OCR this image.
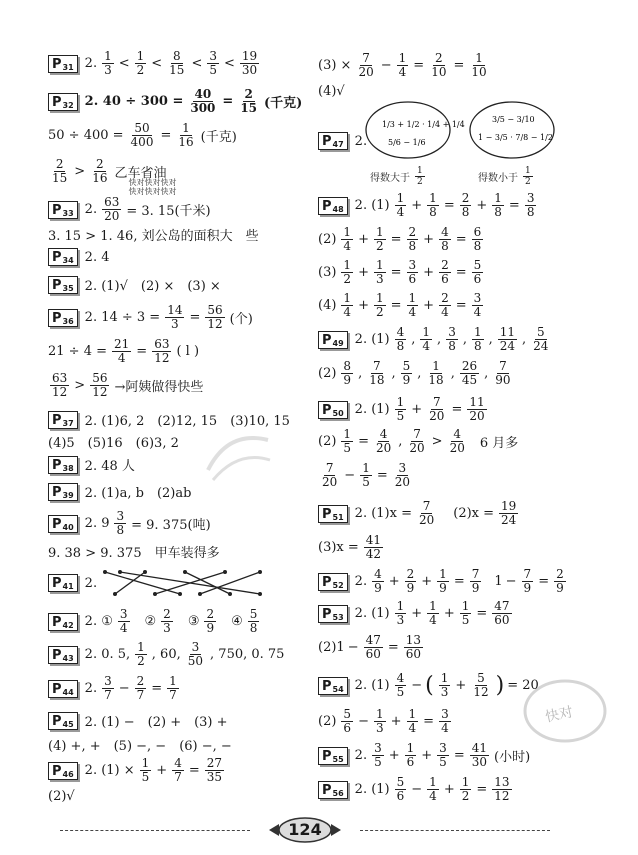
$P_{31}$ 2. $\frac{1}{3} < \frac{1}{2} < \frac{8}{15} < \frac{3}{5} < \frac{19}{30}$
$P_{32}$ 2. $40 \div 300 = \frac{40}{300} = \frac{2}{15}$ (千克)
$50 \div 400 = \frac{50}{400} = \frac{1}{16}$ (千克)
$\frac{2}{15} > \frac{2}{16}$ 乙车省油
快对快对快对
快对快对快对
$P_{33}$ 2. $\frac{63}{20} = 3$. 15(千米)
3. 15 > 1. 46, 刘公岛的面积大　些
$P_{34}$ 2. 4
$P_{35}$ 2. (1)√　(2) ×　(3) ×
$P_{36}$ 2. $14 \div 3 = \frac{14}{3} = \frac{56}{12}$ (个)
$21 \div 4 = \frac{21}{4} = \frac{63}{12}$ ( l )
$\frac{63}{12} > \frac{56}{12}$ →阿姨做得快些
$P_{37}$ 2. (1)6, 2　(2)12, 15　(3)10, 15
(4)5　(5)16　(6)3, 2
$P_{38}$ 2. 48 人
$P_{39}$ 2. (1)a, b　(2)ab
$P_{40}$ 2. $9 \frac{3}{8} = 9$. 375(吨)
9. 38 > 9. 375　甲车装得多
$P_{41}$ 2.
$P_{42}$ 2. ① $\frac{3}{4}$ ② $\frac{2}{3}$ ③ $\frac{2}{9}$ ④ $\frac{5}{8}$
$P_{43}$ 2. 0. 5, $\frac{1}{2}$ , 60, $\frac{3}{50}$ , 750, 0. 75
$P_{44}$ 2. $\frac{3}{7} - \frac{2}{7} = \frac{1}{7}$
$P_{45}$ 2. (1) −　(2) +　(3) +
(4) +, +　(5) −, −　(6) −, −
$P_{46}$ 2. $(1) \times \frac{1}{5} + \frac{4}{7} = \frac{27}{35}$
(2)√
$(3) \times \frac{7}{20} - \frac{1}{4} = \frac{2}{10} = \frac{1}{10}$
(4)√
$P_{47}$ 2.
1/3 + 1/2 · 1/4 + 1/4
5/6 − 1/6
3/5 − 3/10
1 − 3/5 · 7/8 − 1/2
得数大于 $\frac{1}{2}$	得数小于 $\frac{1}{2}$
$P_{48}$ 2. $(1) \frac{1}{4} + \frac{1}{8} = \frac{2}{8} + \frac{1}{8} = \frac{3}{8}$
$(2) \frac{1}{4} + \frac{1}{2} = \frac{2}{8} + \frac{4}{8} = \frac{6}{8}$
$(3) \frac{1}{2} + \frac{1}{3} = \frac{3}{6} + \frac{2}{6} = \frac{5}{6}$
$(4) \frac{1}{4} + \frac{1}{2} = \frac{1}{4} + \frac{2}{4} = \frac{3}{4}$
$P_{49}$ 2. $(1) \frac{4}{8}$ , $\frac{1}{4}$ , $\frac{3}{8}$ , $\frac{1}{8}$ , $\frac{11}{24}$ , $\frac{5}{24}$
$(2) \frac{8}{9}$ , $\frac{7}{18}$ , $\frac{5}{9}$ , $\frac{1}{18}$ , $\frac{26}{45}$ , $\frac{7}{90}$
$P_{50}$ 2. $(1) \frac{1}{5} + \frac{7}{20} = \frac{11}{20}$
$(2) \frac{1}{5} = \frac{4}{20}$ , $\frac{7}{20} > \frac{4}{20} 6$ 月多
$\frac{7}{20} - \frac{1}{5} = \frac{3}{20}$
$P_{51}$ 2. $(1)x = \frac{7}{20} (2)x = \frac{19}{24}$
$(3)x = \frac{41}{42}$
$P_{52}$ 2. $\frac{4}{9} + \frac{2}{9} + \frac{1}{9} = \frac{7}{9} 1 - \frac{7}{9} = \frac{2}{9}$
$P_{53}$ 2. $(1) \frac{1}{3} + \frac{1}{4} + \frac{1}{5} = \frac{47}{60}$
$(2)1 - \frac{47}{60} = \frac{13}{60}$
$P_{54}$ 2. $(1) \frac{4}{5}$ − ( $\frac{1}{3} + \frac{5}{12}$ ) = 20
$(2) \frac{5}{6} - \frac{1}{3} + \frac{1}{4} = \frac{3}{4}$
$P_{55}$ 2. $\frac{3}{5} + \frac{1}{6} + \frac{3}{5} = \frac{41}{30}$ (小时)
$P_{56}$ 2. $(1) \frac{5}{6} - \frac{1}{4} + \frac{1}{2} = \frac{13}{12}$
快对
124
